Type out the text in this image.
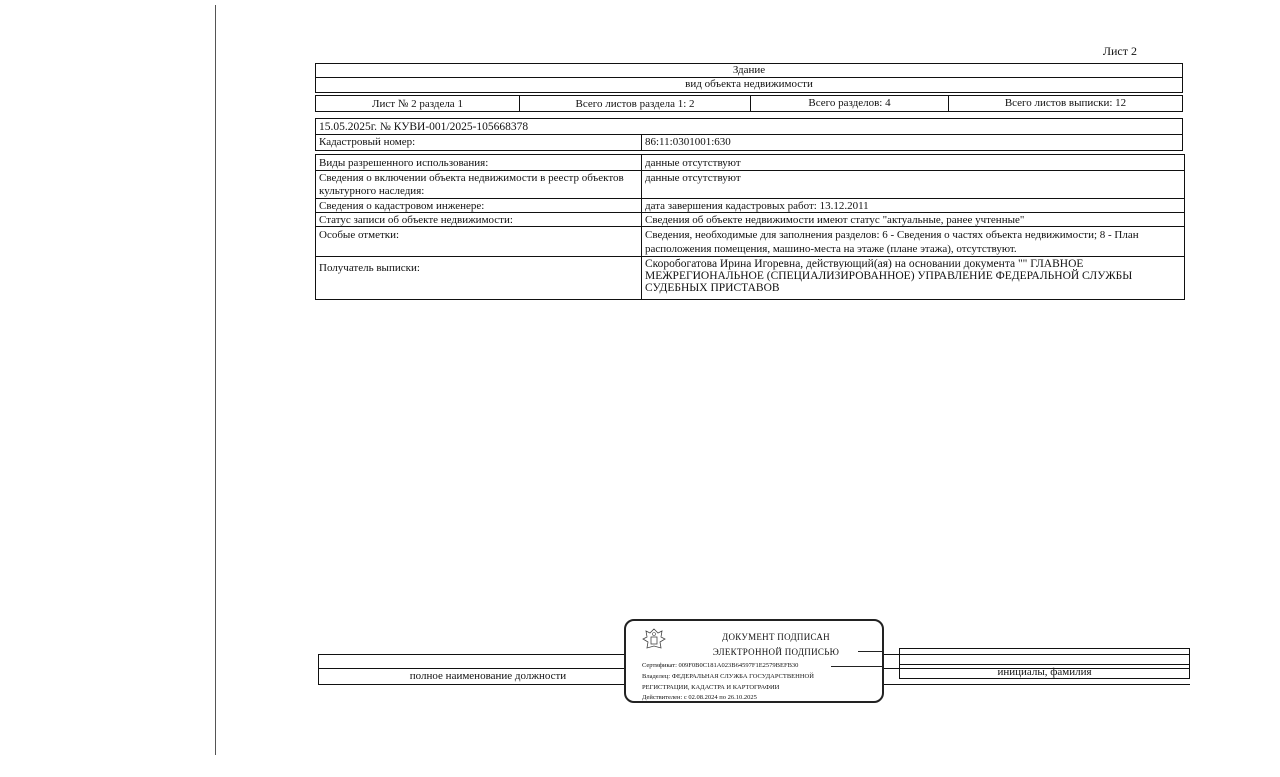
Лист 2
Здание
вид объекта недвижимости
Лист № 2 раздела 1	Всего листов раздела 1: 2	Всего разделов: 4	Всего листов выписки: 12
15.05.2025г. № КУВИ-001/2025-105668378
Кадастровый номер:	86:11:0301001:630
Виды разрешенного использования:	данные отсутствуют
Сведения о включении объекта недвижимости в реестр объектов культурного наследия:
данные отсутствуют
Сведения о кадастровом инженере:	дата завершения кадастровых работ: 13.12.2011
Статус записи об объекте недвижимости:	Сведения об объекте недвижимости имеют статус "актуальные, ранее учтенные"
Особые отметки:	Сведения, необходимые для заполнения разделов: 6 - Сведения о частях объекта недвижимости; 8 - План расположения помещения, машино-места на этаже (плане этажа), отсутствуют.
Получатель выписки:	Скоробогатова Ирина Игоревна, действующий(ая) на основании документа "" ГЛАВНОЕ МЕЖРЕГИОНАЛЬНОЕ (СПЕЦИАЛИЗИРОВАННОЕ) УПРАВЛЕНИЕ ФЕДЕРАЛЬНОЙ СЛУЖБЫ СУДЕБНЫХ ПРИСТАВОВ
полное наименование должности	инициалы, фамилия
ДОКУМЕНТ ПОДПИСАН
ЭЛЕКТРОННОЙ ПОДПИСЬЮ
Сертификат: 009F0B0C181A023B64597F1E2579BEFB30
Владелец: ФЕДЕРАЛЬНАЯ СЛУЖБА ГОСУДАРСТВЕННОЙ
РЕГИСТРАЦИИ, КАДАСТРА И КАРТОГРАФИИ
Действителен: с 02.08.2024 по 26.10.2025
